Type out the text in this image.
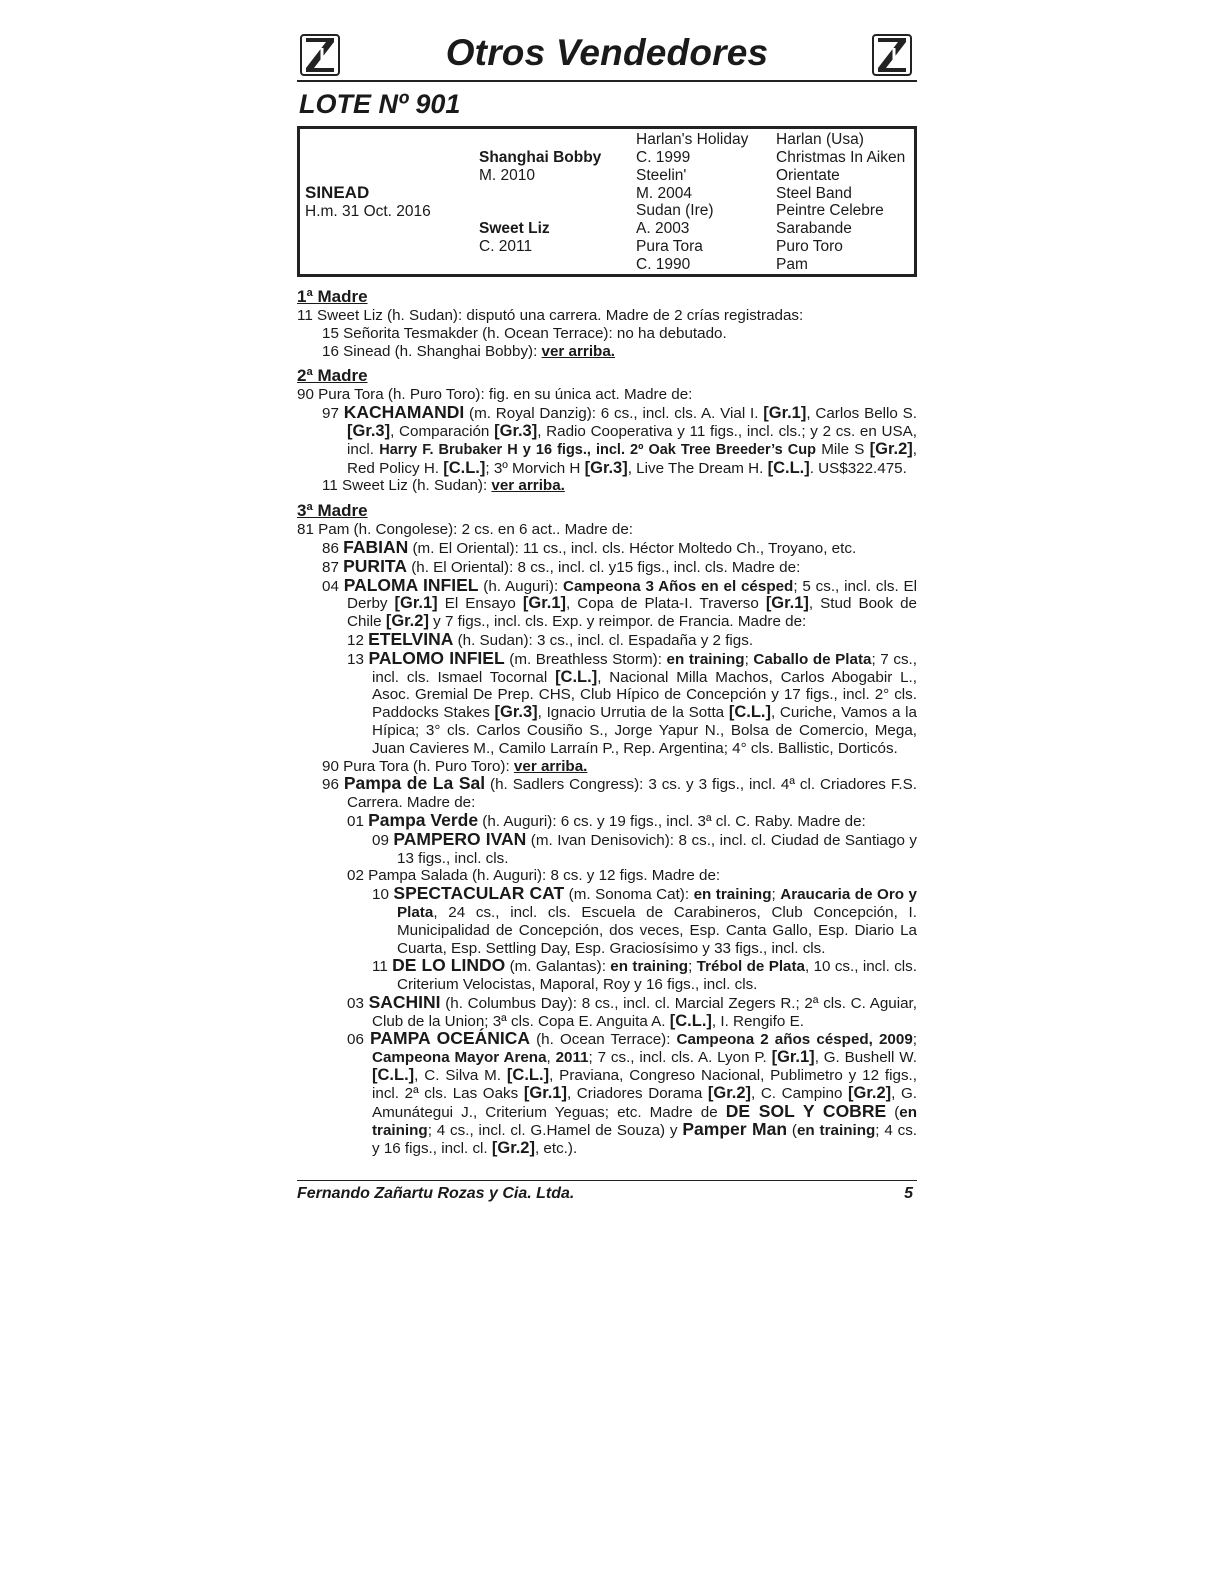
Otros Vendedores
LOTE Nº 901
SINEAD
H.m. 31 Oct. 2016
Shanghai Bobby
M. 2010
Sweet Liz
C. 2011
Harlan's Holiday
C. 1999
Steelin'
M. 2004
Sudan (Ire)
A. 2003
Pura Tora
C. 1990
Harlan (Usa)
Christmas In Aiken
Orientate
Steel Band
Peintre Celebre
Sarabande
Puro Toro
Pam
1ª Madre
11 Sweet Liz (h. Sudan): disputó una carrera. Madre de 2 crías registradas:
15 Señorita Tesmakder (h. Ocean Terrace): no ha debutado.
16 Sinead (h. Shanghai Bobby): ver arriba.
2ª Madre
90 Pura Tora (h. Puro Toro): fig. en su única act. Madre de:
97 KACHAMANDI (m. Royal Danzig): 6 cs., incl. cls. A. Vial I. [Gr.1], Carlos Bello S. [Gr.3], Comparación [Gr.3], Radio Cooperativa y 11 figs., incl. cls.; y 2 cs. en USA, incl. Harry F. Brubaker H y 16 figs., incl. 2º Oak Tree Breeder’s Cup Mile S [Gr.2], Red Policy H. [C.L.]; 3º Morvich H [Gr.3], Live The Dream H. [C.L.]. US$322.475.
11 Sweet Liz (h. Sudan): ver arriba.
3ª Madre
81 Pam (h. Congolese): 2 cs. en 6 act.. Madre de:
86 FABIAN (m. El Oriental): 11 cs., incl. cls. Héctor Moltedo Ch., Troyano, etc.
87 PURITA (h. El Oriental): 8 cs., incl. cl. y15 figs., incl. cls. Madre de:
04 PALOMA INFIEL (h. Auguri): Campeona 3 Años en el césped; 5 cs., incl. cls. El Derby [Gr.1] El Ensayo [Gr.1], Copa de Plata-I. Traverso [Gr.1], Stud Book de Chile [Gr.2] y 7 figs., incl. cls. Exp. y reimpor. de Francia. Madre de:
12 ETELVINA (h. Sudan): 3 cs., incl. cl. Espadaña y 2 figs.
13 PALOMO INFIEL (m. Breathless Storm): en training; Caballo de Plata; 7 cs., incl. cls. Ismael Tocornal [C.L.], Nacional Milla Machos, Carlos Abogabir L., Asoc. Gremial De Prep. CHS, Club Hípico de Concepción y 17 figs., incl. 2° cls. Paddocks Stakes [Gr.3], Ignacio Urrutia de la Sotta [C.L.], Curiche, Vamos a la Hípica; 3° cls. Carlos Cousiño S., Jorge Yapur N., Bolsa de Comercio, Mega, Juan Cavieres M., Camilo Larraín P., Rep. Argentina; 4° cls. Ballistic, Dorticós.
90 Pura Tora (h. Puro Toro): ver arriba.
96 Pampa de La Sal (h. Sadlers Congress): 3 cs. y 3 figs., incl. 4ª cl. Criadores F.S. Carrera. Madre de:
01 Pampa Verde (h. Auguri): 6 cs. y 19 figs., incl. 3ª cl. C. Raby. Madre de:
09 PAMPERO IVAN (m. Ivan Denisovich): 8 cs., incl. cl. Ciudad de Santiago y 13 figs., incl. cls.
02 Pampa Salada (h. Auguri): 8 cs. y 12 figs. Madre de:
10 SPECTACULAR CAT (m. Sonoma Cat): en training; Araucaria de Oro y Plata, 24 cs., incl. cls. Escuela de Carabineros, Club Concepción, I. Municipalidad de Concepción, dos veces, Esp. Canta Gallo, Esp. Diario La Cuarta, Esp. Settling Day, Esp. Graciosísimo y 33 figs., incl. cls.
11 DE LO LINDO (m. Galantas): en training; Trébol de Plata, 10 cs., incl. cls. Criterium Velocistas, Maporal, Roy y 16 figs., incl. cls.
03 SACHINI (h. Columbus Day): 8 cs., incl. cl. Marcial Zegers R.; 2ª cls. C. Aguiar, Club de la Union; 3ª cls. Copa E. Anguita A. [C.L.], I. Rengifo E.
06 PAMPA OCEÁNICA (h. Ocean Terrace): Campeona 2 años césped, 2009; Campeona Mayor Arena, 2011; 7 cs., incl. cls. A. Lyon P. [Gr.1], G. Bushell W. [C.L.], C. Silva M. [C.L.], Praviana, Congreso Nacional, Publimetro y 12 figs., incl. 2ª cls. Las Oaks [Gr.1], Criadores Dorama [Gr.2], C. Campino [Gr.2], G. Amunátegui J., Criterium Yeguas; etc. Madre de DE SOL Y COBRE (en training; 4 cs., incl. cl. G.Hamel de Souza) y Pamper Man (en training; 4 cs. y 16 figs., incl. cl. [Gr.2], etc.).
Fernando Zañartu Rozas y Cia. Ltda.	5
